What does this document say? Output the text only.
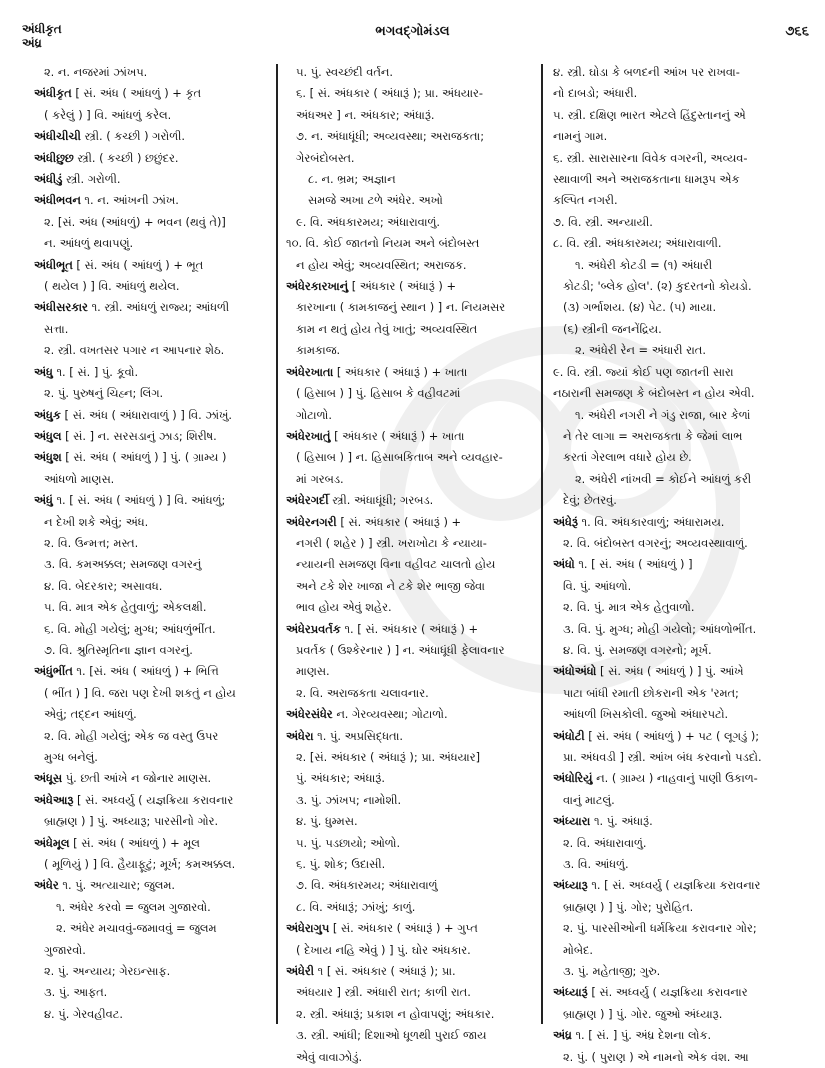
અંધીકૃત
અંધ્ર
ભગવદ્ગોમંડલ	૭૬૬
૨. ન. નજરમાં ઝાંખપ.
અંધીકૃત [ સં. અંધ ( આંધળું ) + કૃત
( કરેલું ) ] વિ. આંધળું કરેલ.
અંધીચીચી સ્ત્રી. ( કચ્છી ) ગરોળી.
અંધીછુછ સ્ત્રી. ( કચ્છી ) છછુંદર.
અંધીડું સ્ત્રી. ગરોળી.
અંધીભવન ૧. ન. આંખની ઝાંખ.
૨. [સં. અંધ (આંધળું) + ભવન (થવું તે)]
ન. આંધળું થવાપણું.
અંધીભૂત [ સં. અંધ ( આંધળું ) + ભૂત
( થયેલ ) ] વિ. આંધળું થયેલ.
અંધીસરકાર ૧. સ્ત્રી. આંધળું રાજ્ય; આંધળી
સત્તા.
૨. સ્ત્રી. વખતસર પગાર ન આપનાર શેઠ.
અંધુ ૧. [ સં. ] પું. કૂવો.
૨. પું. પુરુષનું ચિહ્ન; લિંગ.
અંધુક [ સં. અંધ ( અંધારાવાળું ) ] વિ. ઝાંખું.
અંધુલ [ સં. ] ન. સરસડાનું ઝાડ; શિરીષ.
અંધુશ [ સં. અંધ ( આંધળું ) ] પું. ( ગ્રામ્ય )
આંધળો માણસ.
અંધું ૧. [ સં. અંધ ( આંધળું ) ] વિ. આંધળું;
ન દેખી શકે એવું; અંધ.
૨. વિ. ઉન્મત્ત; મસ્ત.
૩. વિ. કમઅક્કલ; સમજણ વગરનું
૪. વિ. બેદરકાર; અસાવધ.
૫. વિ. માત્ર એક હેતુવાળું; એકલક્ષી.
૬. વિ. મોહી ગયેલું; મુગ્ધ; આંધળુંભીંત.
૭. વિ. શ્રુતિસ્મૃતિના જ્ઞાન વગરનું.
અંધુંભીંત ૧. [સં. અંધ ( આંધળું ) + ભિત્તિ
( ભીંત ) ] વિ. જરા પણ દેખી શકતું ન હોય
એવું; તદ્દન આંધળું.
૨. વિ. મોહી ગયેલું; એક જ વસ્તુ ઉપર
મુગ્ધ બનેલું.
અંધૂસ પું. છતી આંખે ન જોનાર માણસ.
અંધેઆરૂ [ સં. અધ્વર્યુ ( યજ્ઞક્રિયા કરાવનાર
બ્રાહ્મણ ) ] પું. અધ્યારૂ; પારસીનો ગોર.
અંધેમૂલ [ સં. અંધ ( આંધળું ) + મૂલ
( મૂળિયું ) ] વિ. હૈયાફૂટું; મૂર્ખ; કમઅક્કલ.
અંધેર ૧. પું. અત્યાચાર; જુલમ.
૧. અંધેર કરવો = જુલમ ગુજારવો.
૨. અંધેર મચાવવું-જમાવવું = જુલમ
ગુજારવો.
૨. પું. અન્યાય; ગેરઇન્સાફ.
૩. પું. આફત.
૪. પું. ગેરવહીવટ.
૫. પું. સ્વચ્છંદી વર્તન.
૬. [ સં. અંધકાર ( અંધારૂં ); પ્રા. અંધયાર-
અંધઅર ] ન. અંધકાર; અંધારૂં.
૭. ન. અંધાધૂંધી; અવ્યવસ્થા; અરાજકતા;
ગેરબંદોબસ્ત.
૮. ન. ભ્રમ; અજ્ઞાન
સમજે અખા ટળે અંધેર. અખો
૯. વિ. અંધકારમય; અંધારાવાળું.
૧૦. વિ. કોઈ જાતનો નિયમ અને બંદોબસ્ત
ન હોય એવું; અવ્યવસ્થિત; અરાજક.
અંધેરકારખાનું [ અંધકાર ( અંધારૂં ) +
કારખાના ( કામકાજનું સ્થાન ) ] ન. નિયમસર
કામ ન થતું હોય તેવું ખાતું; અવ્યવસ્થિત
કામકાજ.
અંધેરખાતા [ અંધકાર ( અંધારૂં ) + ખાતા
( હિસાબ ) ] પું. હિસાબ કે વહીવટમાં
ગોટાળો.
અંધેરખાતું [ અંધકાર ( અંધારૂં ) + ખાતા
( હિસાબ ) ] ન. હિસાબકિતાબ અને વ્યવહાર-
માં ગરબડ.
અંધેરગર્દી સ્ત્રી. અંધાધૂંધી; ગરબડ.
અંધેરનગરી [ સં. અંધકાર ( અંધારૂં ) +
નગરી ( શહેર ) ] સ્ત્રી. ખરાખોટા કે ન્યાયા-
ન્યાયની સમજણ વિના વહીવટ ચાલતો હોય
અને ટકે શેર ખાજા ને ટકે શેર ભાજી જેવા
ભાવ હોય એવું શહેર.
અંધેરપ્રવર્તક ૧. [ સં. અંધકાર ( અંધારૂં ) +
પ્રવર્તક ( ઉશ્કેરનાર ) ] ન. અંધાધૂંધી ફેલાવનાર
માણસ.
૨. વિ. અરાજકતા ચલાવનાર.
અંધેરસંધેર ન. ગેરવ્યવસ્થા; ગોટાળો.
અંધેરા ૧. પું. અપ્રસિદ્ધતા.
૨. [સં. અંધકાર ( અંધારૂં ); પ્રા. અંધયાર]
પું. અંધકાર; અંધારૂં.
૩. પું. ઝાંખપ; નામોશી.
૪. પું. ધુમ્મસ.
૫. પું. પડછાયો; ઓળો.
૬. પું. શોક; ઉદાસી.
૭. વિ. અંધકારમય; અંધારાવાળું
૮. વિ. અંધારૂં; ઝાંખું; કાળું.
અંધેરાગુપ [ સં. અંધકાર ( અંધારૂં ) + ગુપ્ત
( દેખાય નહિ એવું ) ] પું. ઘોર અંધકાર.
અંધેરી ૧ [ સં. અંધકાર ( અંધારૂં ); પ્રા.
અંધયાર ] સ્ત્રી. અંધારી રાત; કાળી રાત.
૨. સ્ત્રી. અંધારૂં; પ્રકાશ ન હોવાપણું; અંધકાર.
૩. સ્ત્રી. આંધી; દિશાઓ ધૂળથી પુરાઈ જાય
એવું વાવાઝોડું.
૪. સ્ત્રી. ઘોડા કે બળદની આંખ પર રાખવા-
નો દાબડો; અંધારી.
૫. સ્ત્રી. દક્ષિણ ભારત એટલે હિંદુસ્તાનનું એ
નામનું ગામ.
૬. સ્ત્રી. સારાસારના વિવેક વગરની, અવ્યવ-
સ્થાવાળી અને અરાજકતાના ધામરૂપ એક
કલ્પિત નગરી.
૭. વિ. સ્ત્રી. અન્યાયી.
૮. વિ. સ્ત્રી. અંધકારમય; અંધારાવાળી.
૧. અંધેરી કોટડી = (૧) અંધારી
કોટડી; 'બ્લેક હોલ'. (૨) કુદરતનો કોયડો.
(૩) ગર્ભાશય. (૪) પેટ. (૫) માયા.
(૬) સ્ત્રીની જનનેંદ્રિય.
૨. અંધેરી રેન = અંધારી રાત.
૯. વિ. સ્ત્રી. જ્યાં કોઈ પણ જાતની સારા
નઠારાની સમજણ કે બંદોબસ્ત ન હોય એવી.
૧. અંધેરી નગરી ને ગંડુ રાજા, બાર કેળાં
ને તેર લાગા = અરાજકતા કે જેમાં લાભ
કરતાં ગેરલાભ વધારે હોય છે.
૨. અંધેરી નાંખવી = કોઈને આંધળું કરી
દેવું; છેતરવું.
અંધેરૂં ૧. વિ. અંધકારવાળું; અંધારામય.
૨. વિ. બંદોબસ્ત વગરનું; અવ્યવસ્થાવાળું.
અંધો ૧. [ સં. અંધ ( આંધળું ) ]
વિ. પું. આંધળો.
૨. વિ. પું. માત્ર એક હેતુવાળો.
૩. વિ. પું. મુગ્ધ; મોહી ગયેલો; આંધળોભીંત.
૪. વિ. પું. સમજણ વગરનો; મૂર્ખ.
અંધોઅંધો [ સં. અંધ ( આંધળું ) ] પું. આંખે
પાટા બાંધી રમાતી છોકરાની એક 'રમત;
આંધળી ખિસકોલી. જુઓ અંધારપટો.
અંધોટી [ સં. અંધ ( આંધળું ) + પટ ( લૂગડું );
પ્રા. અંધવડી ] સ્ત્રી. આંખ બંધ કરવાનો પડદો.
અંધોરિયું ન. ( ગ્રામ્ય ) નાહવાનું પાણી ઉકાળ-
વાનું માટલું.
અંધ્યારા ૧. પું. અંધારૂં.
૨. વિ. અંધારાવાળું.
૩. વિ. આંધળું.
અંધ્યારૂ ૧. [ સં. અધ્વર્યુ ( યજ્ઞક્રિયા કરાવનાર
બ્રાહ્મણ ) ] પું. ગોર; પુરોહિત.
૨. પું. પારસીઓની ધર્મક્રિયા કરાવનાર ગોર;
મોબેદ.
૩. પું. મહેતાજી; ગુરુ.
અંધ્યારૂં [ સં. અધ્વર્યુ ( યજ્ઞક્રિયા કરાવનાર
બ્રાહ્મણ ) ] પું. ગોર. જુઓ અંધ્યારૂ.
અંધ્ર ૧. [ સં. ] પું. અંધ્ર દેશના લોક.
૨. પું. ( પુરાણ ) એ નામનો એક વંશ. આ
